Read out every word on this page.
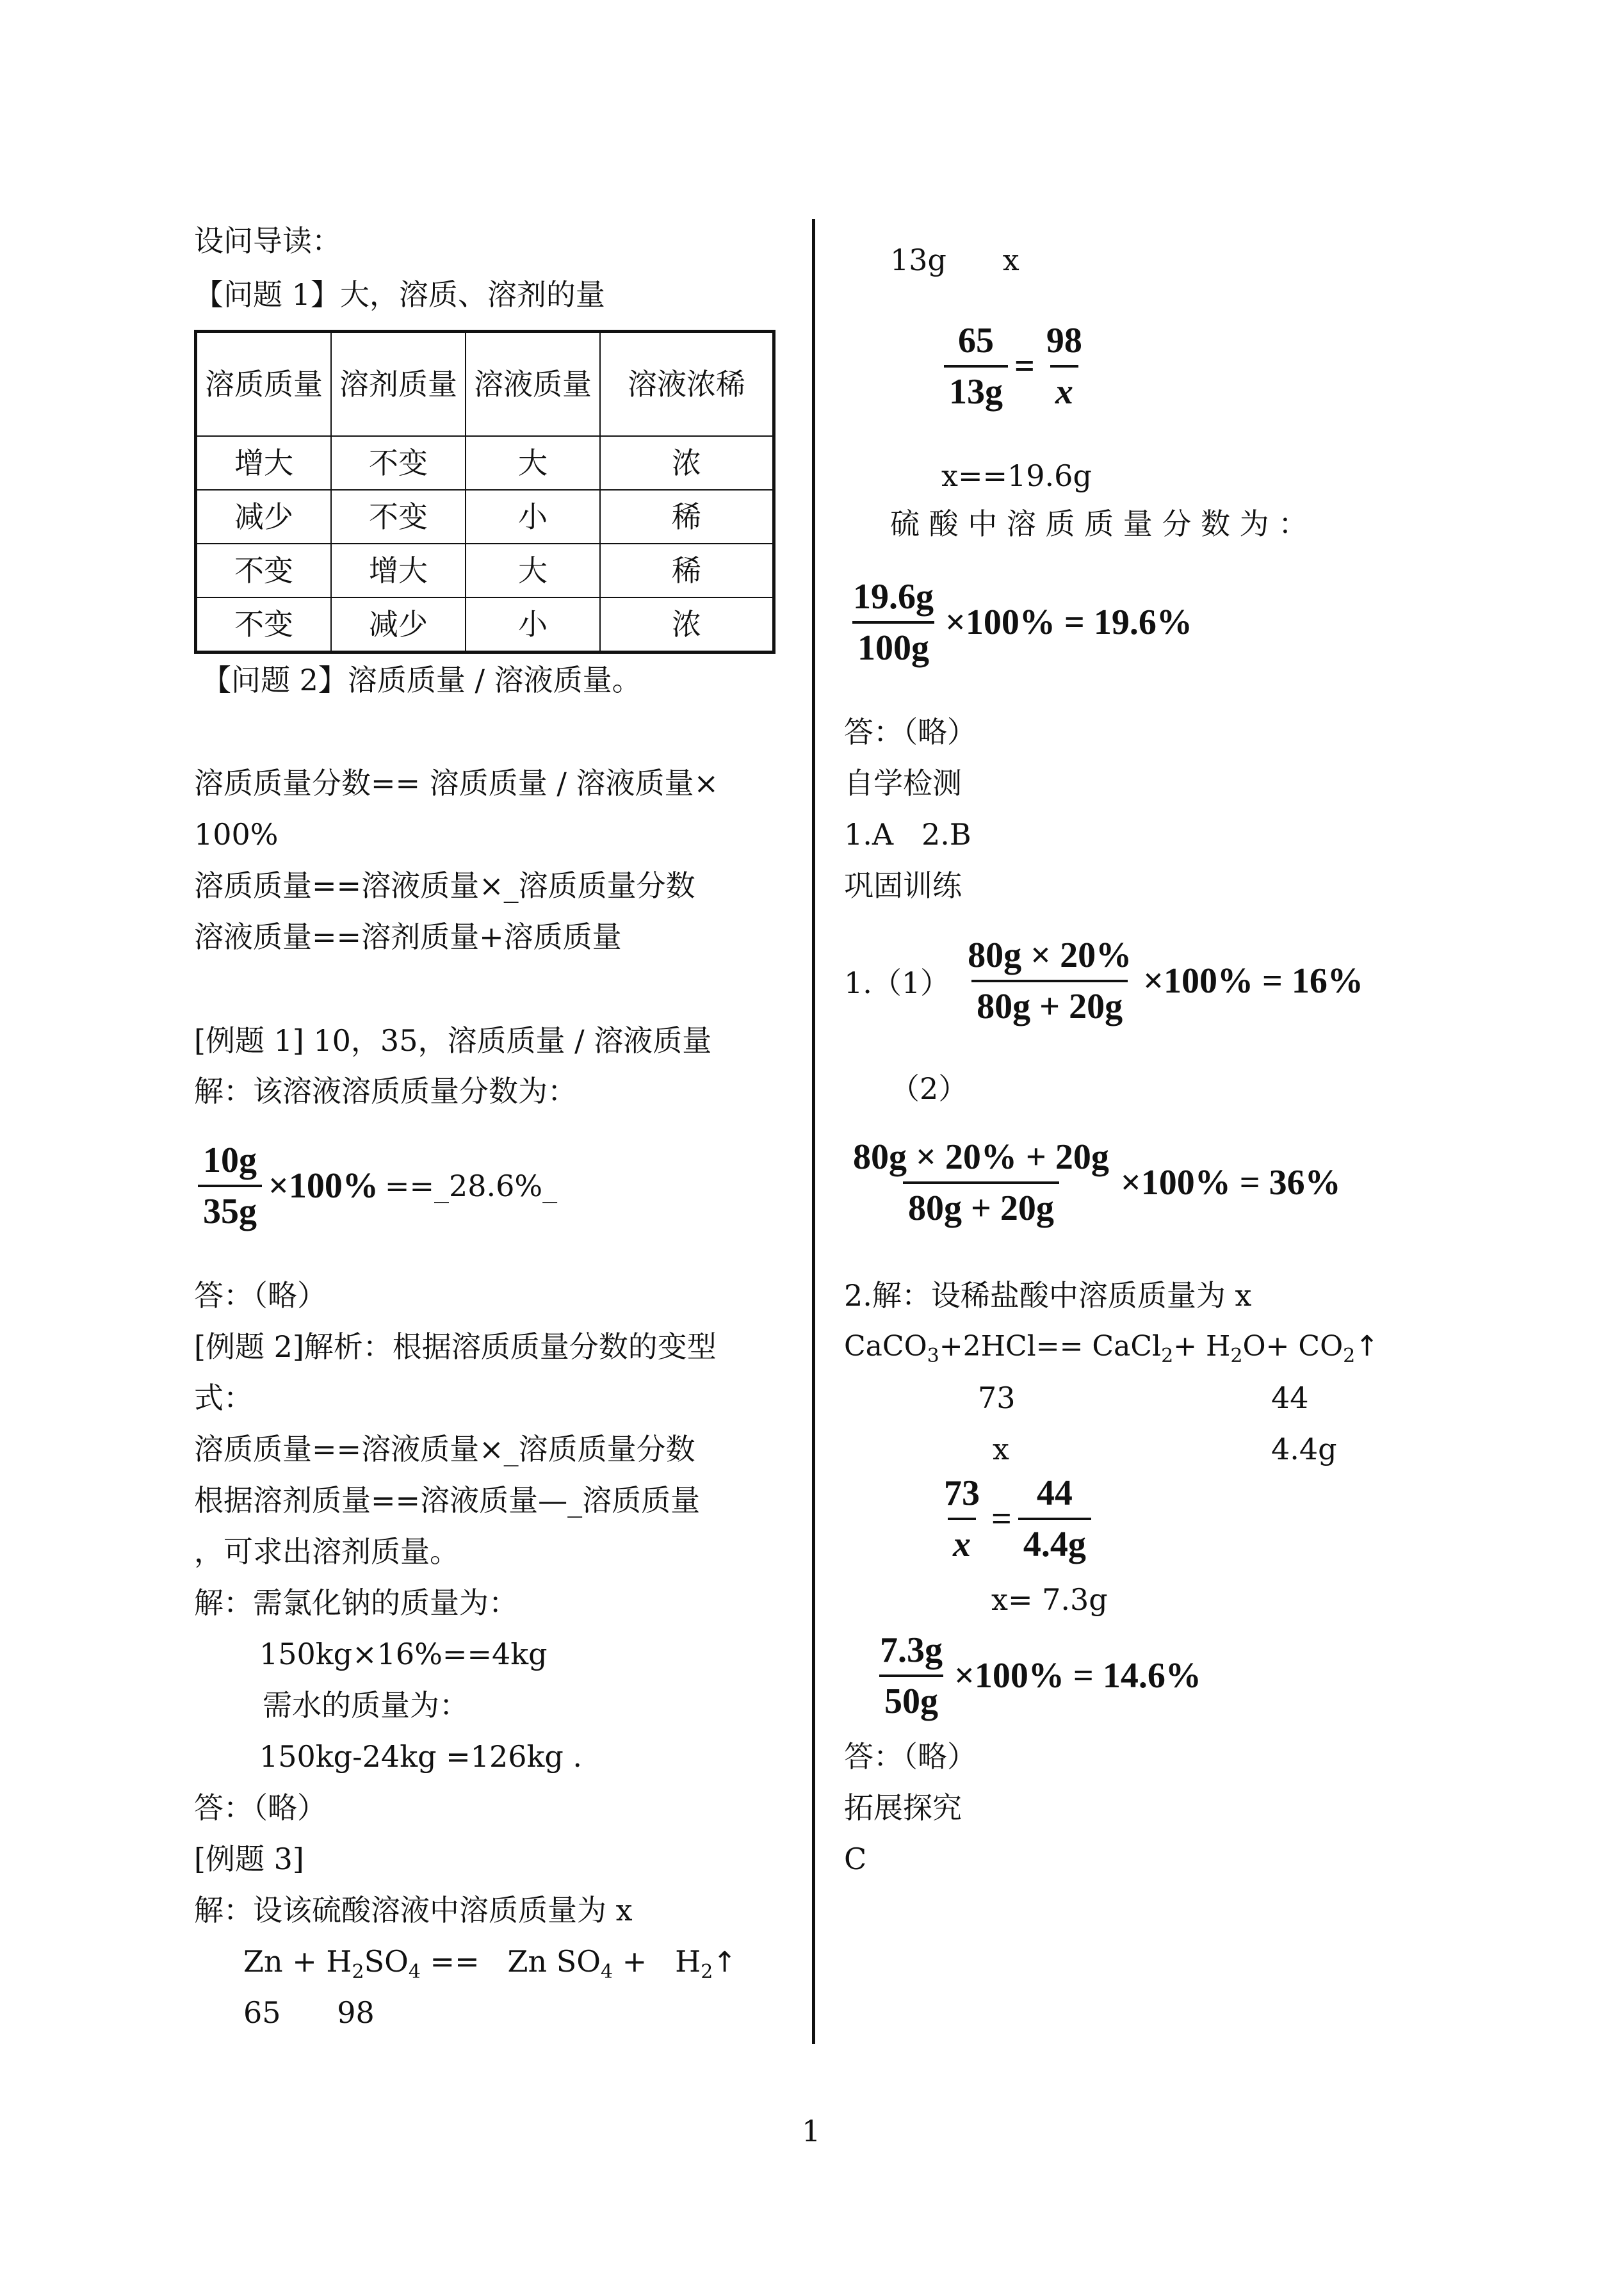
设问导读：
【问题 1】大，溶质、溶剂的量
溶质质量	溶剂质量	溶液质量	溶液浓稀
增大	不变	大	浓
减少	不变	小	稀
不变	增大	大	稀
不变	减少	小	浓
【问题 2】溶质质量 / 溶液质量。
溶质质量分数== 溶质质量 / 溶液质量×
100%
溶质质量==溶液质量×_溶质质量分数
溶液质量==溶剂质量+溶质质量
[例题 1] 10，35，溶质质量 / 溶液质量
解：该溶液溶质质量分数为：
$\frac{10g}{35g} \times 100\%$ ==_28.6%_
答：（略）
[例题 2]解析：根据溶质质量分数的变型
式：
溶质质量==溶液质量×_溶质质量分数
根据溶剂质量==溶液质量—_溶质质量
，可求出溶剂质量。
解：需氯化钠的质量为：
150kg×16%==4kg
需水的质量为：
150kg-24kg =126kg .
答：（略）
[例题 3]
解：设该硫酸溶液中溶质质量为 x
$Zn + H_2SO_4 == Zn$ $SO_4$ +   $H_2↑$
65      98
13g      x
$\frac{65}{13g} = \frac{98}{x}$
x==19.6g
硫 酸 中 溶 质 质 量 分 数 为 ：
$\frac{19.6g}{100g} \times 100\% = 19.6\%$
答：（略）
自学检测
1.A   2.B
巩固训练
$1.(1) \frac{80g \times 20\%}{80g + 20g} \times 100\% = 16\%$
（2）
$\frac{80g \times 20\% + 20g}{80g + 20g} \times 100\% = 36\%$
2.解：设稀盐酸中溶质质量为 x
CaCO$_3$+2HCl== CaCl$_2$+ $H_2O+$ $CO_2↑$
73	44
x	4.4g
$\frac{73}{x} = \frac{44}{4.4g}$
x= 7.3g
$\frac{7.3g}{50g} \times 100\% = 14.6\%$
答：（略）
拓展探究
C
1
